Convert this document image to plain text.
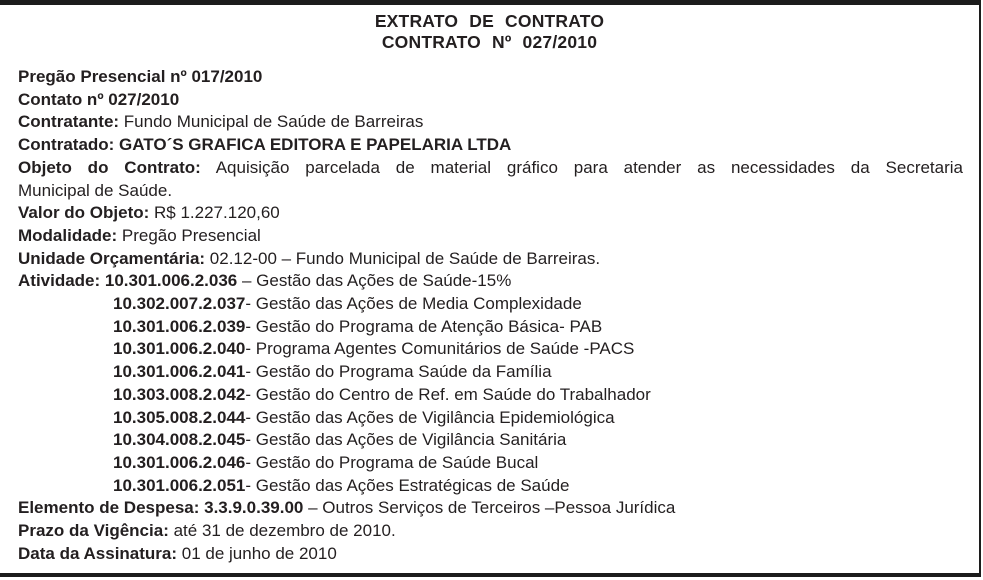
EXTRATO DE CONTRATO
CONTRATO Nº 027/2010
Pregão Presencial nº 017/2010
Contato nº 027/2010
Contratante: Fundo Municipal de Saúde de Barreiras
Contratado: GATO´S GRAFICA EDITORA E PAPELARIA LTDA
Objeto do Contrato: Aquisição parcelada de material gráfico para atender as necessidades da Secretaria
Municipal de Saúde.
Valor do Objeto: R$ 1.227.120,60
Modalidade: Pregão Presencial
Unidade Orçamentária: 02.12-00 – Fundo Municipal de Saúde de Barreiras.
Atividade: 10.301.006.2.036 – Gestão das Ações de Saúde-15%
10.302.007.2.037- Gestão das Ações de Media Complexidade
10.301.006.2.039- Gestão do Programa de Atenção Básica- PAB
10.301.006.2.040- Programa Agentes Comunitários de Saúde -PACS
10.301.006.2.041- Gestão do Programa Saúde da Família
10.303.008.2.042- Gestão do Centro de Ref. em Saúde do Trabalhador
10.305.008.2.044- Gestão das Ações de Vigilância Epidemiológica
10.304.008.2.045- Gestão das Ações de Vigilância Sanitária
10.301.006.2.046- Gestão do Programa de Saúde Bucal
10.301.006.2.051- Gestão das Ações Estratégicas de Saúde
Elemento de Despesa: 3.3.9.0.39.00 – Outros Serviços de Terceiros –Pessoa Jurídica
Prazo da Vigência: até 31 de dezembro de 2010.
Data da Assinatura: 01 de junho de 2010
